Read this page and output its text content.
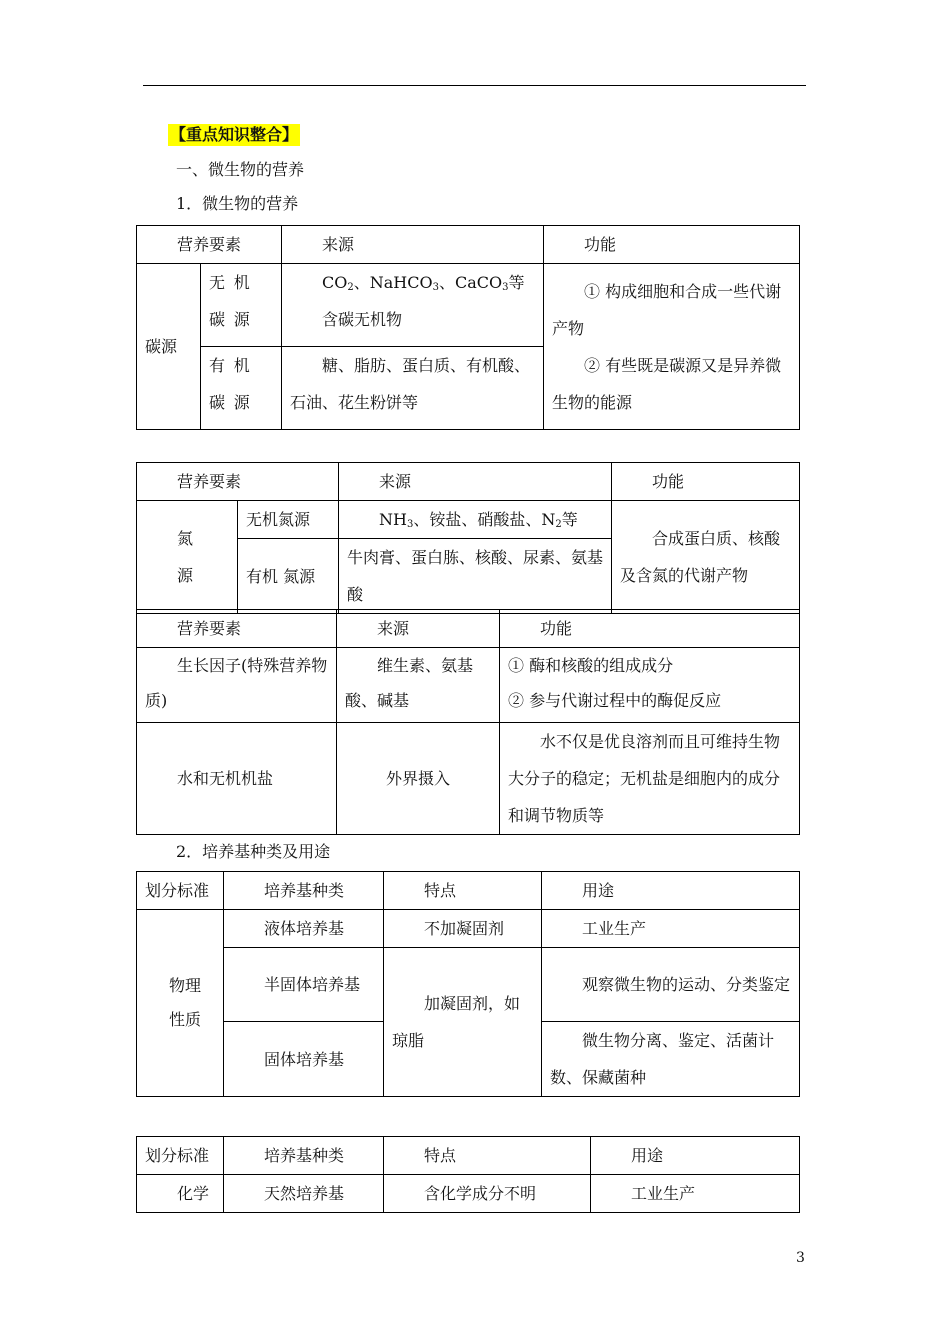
【重点知识整合】
一、微生物的营养
1．微生物的营养
营养要素		来源	功能
碳源	无机碳源	$CO_2$、NaHCO$_3$、CaCO$_3$等含碳无机物	① 构成细胞和合成一些代谢产物
② 有些既是碳源又是异养微生物的能源

	有机碳源	糖、脂肪、蛋白质、有机酸、石油、花生粉饼等	
营养要素		来源	功能

氮源	无机氮源	$NH_3$、铵盐、硝酸盐、$N_2$等	合成蛋白质、核酸及含氮的代谢产物
	有机 氮源	牛肉膏、蛋白胨、核酸、尿素、氨基酸	
营养要素	来源	功能
生长因子(特殊营养物质)	维生素、氨基酸、碱基	① 酶和核酸的组成成分
② 参与代谢过程中的酶促反应

水和无机机盐	外界摄入	水不仅是优良溶剂而且可维持生物大分子的稳定；无机盐是细胞内的成分和调节物质等
2．培养基种类及用途
划分标准	培养基种类	特点	用途

物理性质	液体培养基	不加凝固剂	工业生产
	半固体培养基	加凝固剂，如琼脂	观察微生物的运动、分类鉴定

	固体培养基		微生物分离、鉴定、活菌计数、保藏菌种
划分标准	培养基种类	特点	用途
化学	天然培养基	含化学成分不明	工业生产
3
